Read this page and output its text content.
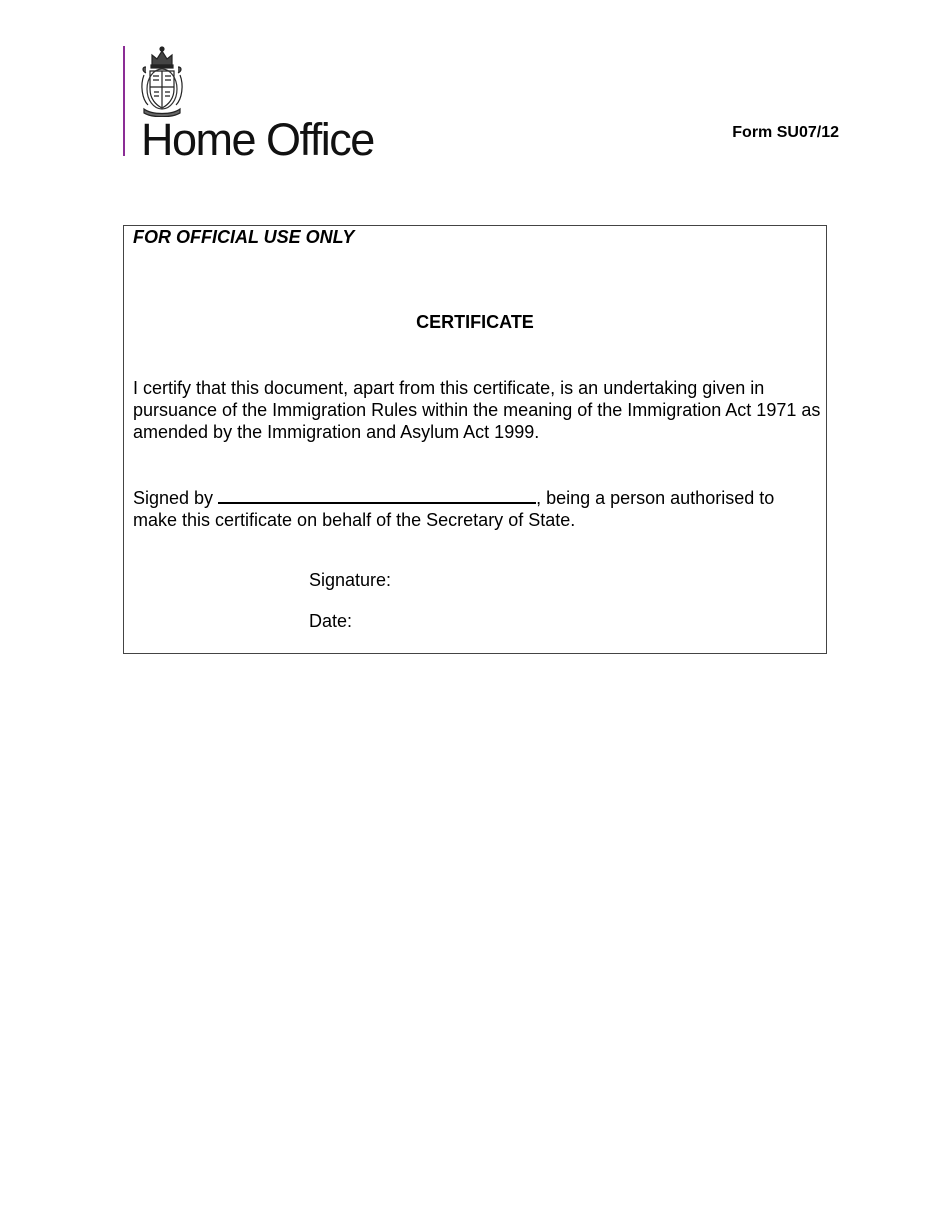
Home Office	Form SU07/12
FOR OFFICIAL USE ONLY
CERTIFICATE
I certify that this document, apart from this certificate, is an undertaking given in pursuance of the Immigration Rules within the meaning of the Immigration Act 1971 as amended by the Immigration and Asylum Act 1999.
Signed by	, being a person authorised to make this certificate on behalf of the Secretary of State.
Signature:
Date:
